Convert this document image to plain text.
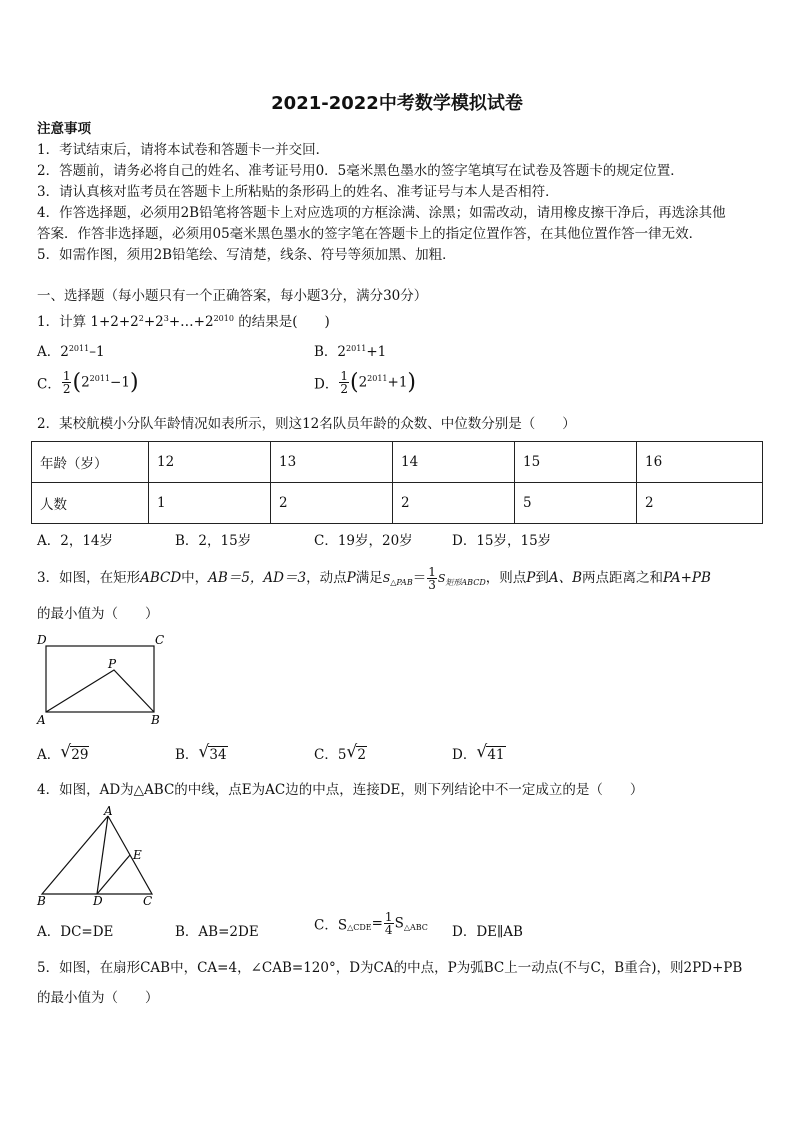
2021-2022中考数学模拟试卷
注意事项
1．考试结束后，请将本试卷和答题卡一并交回．
2．答题前，请务必将自己的姓名、准考证号用0．5毫米黑色墨水的签字笔填写在试卷及答题卡的规定位置．
3．请认真核对监考员在答题卡上所粘贴的条形码上的姓名、准考证号与本人是否相符．
4．作答选择题，必须用2B铅笔将答题卡上对应选项的方框涂满、涂黑；如需改动，请用橡皮擦干净后，再选涂其他
答案．作答非选择题，必须用05毫米黑色墨水的签字笔在答题卡上的指定位置作答，在其他位置作答一律无效．
5．如需作图，须用2B铅笔绘、写清楚，线条、符号等须加黑、加粗．
一、选择题（每小题只有一个正确答案，每小题3分，满分30分）
1．计算 $1+2+2^2+2^3+\dots+2^{2010}$ 的结果是(　　)
A．$2^{2011}-1$	B．$2^{2011}+1$
C． $\frac{1}{2} (2^{2011}-1)$	D． $\frac{1}{2} (2^{2011}+1)$
2．某校航模小分队年龄情况如表所示，则这12名队员年龄的众数、中位数分别是（　　）
年龄（岁）	12	13	14	15	16
人数	1	2	2	5	2
A．2，14岁	B．2，15岁	C．19岁，20岁	D．15岁，15岁
3．如图，在矩形ABCD中，AB＝5，AD＝3，动点P满足$S_{\triangle PAB}= \frac{1}{3} S_{矩形ABCD}$，则点P到A、B两点距离之和PA+PB
的最小值为（　　）
D	C
P
A	B
A． √ 29	B． √ 34	C．5 √ 2	D． √ 41
4．如图，AD为△ABC的中线，点E为AC边的中点，连接DE，则下列结论中不一定成立的是（　　）
A
E
B	D	C
A．DC=DE	B．AB=2DE	C．$S_{\triangle CDE}= \frac{1}{4} S_{\triangle ABC}$ D．DE∥AB
5．如图，在扇形CAB中，CA=4，∠CAB=120°，D为CA的中点，P为弧BC上一动点(不与C，B重合)，则2PD+PB
的最小值为（　　）
